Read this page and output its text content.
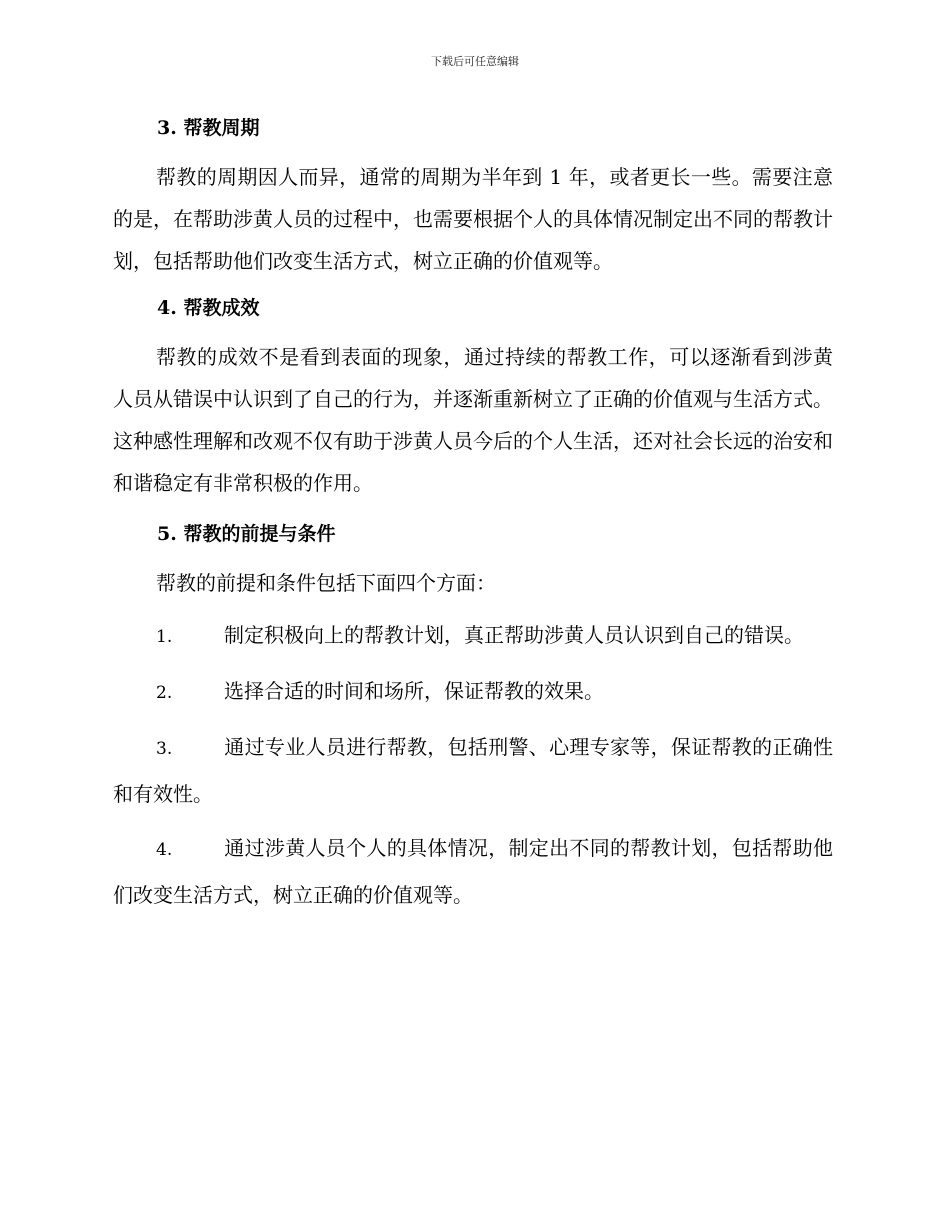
下载后可任意编辑
3. 帮教周期

帮教的周期因人而异，通常的周期为半年到 1 年，或者更长一些。需要注意的是，在帮助涉黄人员的过程中，也需要根据个人的具体情况制定出不同的帮教计划，包括帮助他们改变生活方式，树立正确的价值观等。

4. 帮教成效

帮教的成效不是看到表面的现象，通过持续的帮教工作，可以逐渐看到涉黄人员从错误中认识到了自己的行为，并逐渐重新树立了正确的价值观与生活方式。这种感性理解和改观不仅有助于涉黄人员今后的个人生活，还对社会长远的治安和和谐稳定有非常积极的作用。

5. 帮教的前提与条件

帮教的前提和条件包括下面四个方面：

1.	制定积极向上的帮教计划，真正帮助涉黄人员认识到自己的错误。

2.	选择合适的时间和场所，保证帮教的效果。

3.	通过专业人员进行帮教，包括刑警、心理专家等，保证帮教的正确性和有效性。

4.	通过涉黄人员个人的具体情况，制定出不同的帮教计划，包括帮助他们改变生活方式，树立正确的价值观等。
